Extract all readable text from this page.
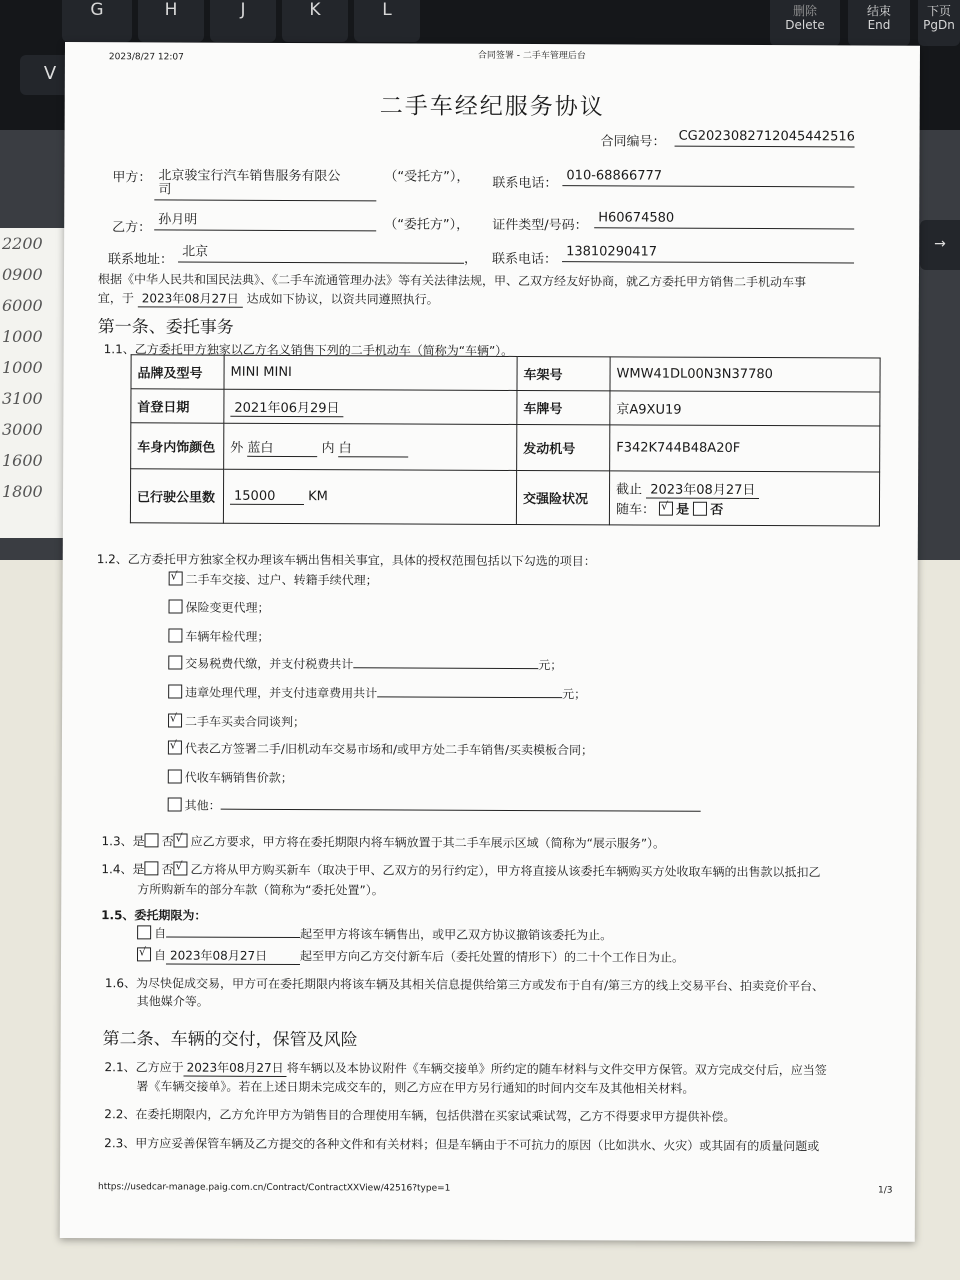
G	H	J	K	L	删除
Delete
结束
End
下页
PgDn
V
→
2200
0900
6000
1000
1000
3100
3000
1600
1800
2023/8/27 12:07	合同签署 - 二手车管理后台
二手车经纪服务协议
合同编号： CG2023082712045442516
甲方： 北京骏宝行汽车销售服务有限公
司
（“受托方”）， 联系电话： 010-68866777
乙方：
孙月明	（“委托方”）， 证件类型/号码： H60674580
联系地址：
北京	， 联系电话： 13810290417
根据《中华人民共和国民法典》、《二手车流通管理办法》等有关法律法规，甲、乙双方经友好协商，就乙方委托甲方销售二手机动车事
宜，于 2023年08月27日 达成如下协议，以资共同遵照执行。
第一条、委托事务
1.1、乙方委托甲方独家以乙方名义销售下列的二手机动车（简称为“车辆”）。
品牌及型号	MINI MINI	车架号	WMW41DL00N3N37780
首登日期	2021年06月29日	车牌号	京A9XU19
车身内饰颜色	外 蓝白 内 白	发动机号	F342K744B48A20F
已行驶公里数	15000 KM	交强险状况	截止 2023年08月27日
随车： √ 是 否
1.2、乙方委托甲方独家全权办理该车辆出售相关事宜，具体的授权范围包括以下勾选的项目：
√二手车交接、过户、转籍手续代理；
保险变更代理；
车辆年检代理；
交易税费代缴，并支付税费共计	元；
违章处理代理，并支付违章费用共计	元；
√二手车买卖合同谈判；
√代表乙方签署二手/旧机动车交易市场和/或甲方处二手车销售/买卖模板合同；
代收车辆销售价款；
其他：
1.3、是 否 √ 应乙方要求，甲方将在委托期限内将车辆放置于其二手车展示区域（简称为“展示服务”）。
1.4、是 否 √ 乙方将从甲方购买新车（取决于甲、乙双方的另行约定），甲方将直接从该委托车辆购买方处收取车辆的出售款以抵扣乙
方所购新车的部分车款（简称为“委托处置”）。
1.5、委托期限为：
自	起至甲方将该车辆售出，或甲乙双方协议撤销该委托为止。
√自 2023年08月27日	起至甲方向乙方交付新车后（委托处置的情形下）的二十个工作日为止。
1.6、为尽快促成交易，甲方可在委托期限内将该车辆及其相关信息提供给第三方或发布于自有/第三方的线上交易平台、拍卖竞价平台、
其他媒介等。
第二条、车辆的交付，保管及风险
2.1、乙方应于 2023年08月27日 将车辆以及本协议附件《车辆交接单》所约定的随车材料与文件交甲方保管。双方完成交付后，应当签
署《车辆交接单》。若在上述日期未完成交车的，则乙方应在甲方另行通知的时间内交车及其他相关材料。
2.2、在委托期限内，乙方允许甲方为销售目的合理使用车辆，包括供潜在买家试乘试驾，乙方不得要求甲方提供补偿。
2.3、甲方应妥善保管车辆及乙方提交的各种文件和有关材料；但是车辆由于不可抗力的原因（比如洪水、火灾）或其固有的质量问题或
https://usedcar-manage.paig.com.cn/Contract/ContractXXView/42516?type=1	1/3
